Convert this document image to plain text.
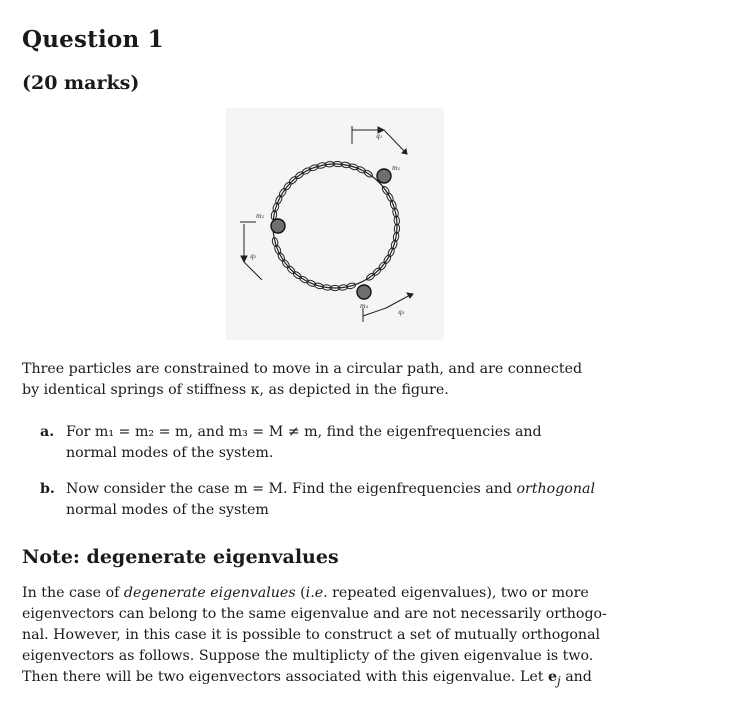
Question 1

(20 marks)

m₁
m₂
m₃
q₁
q₂
q₃

Three particles are constrained to move in a circular path, and are connected
by identical springs of stiffness κ, as depicted in the figure.

a. For m₁ = m₂ = m, and m₃ = M ≠ m, find the eigenfrequencies and
normal modes of the system.

b. Now consider the case m = M. Find the eigenfrequencies and orthogonal
normal modes of the system

Note: degenerate eigenvalues

In the case of degenerate eigenvalues (i.e. repeated eigenvalues), two or more
eigenvectors can belong to the same eigenvalue and are not necessarily orthogo-
nal. However, in this case it is possible to construct a set of mutually orthogonal
eigenvectors as follows. Suppose the multiplicty of the given eigenvalue is two.
Then there will be two eigenvectors associated with this eigenvalue. Let $e_j$ and
